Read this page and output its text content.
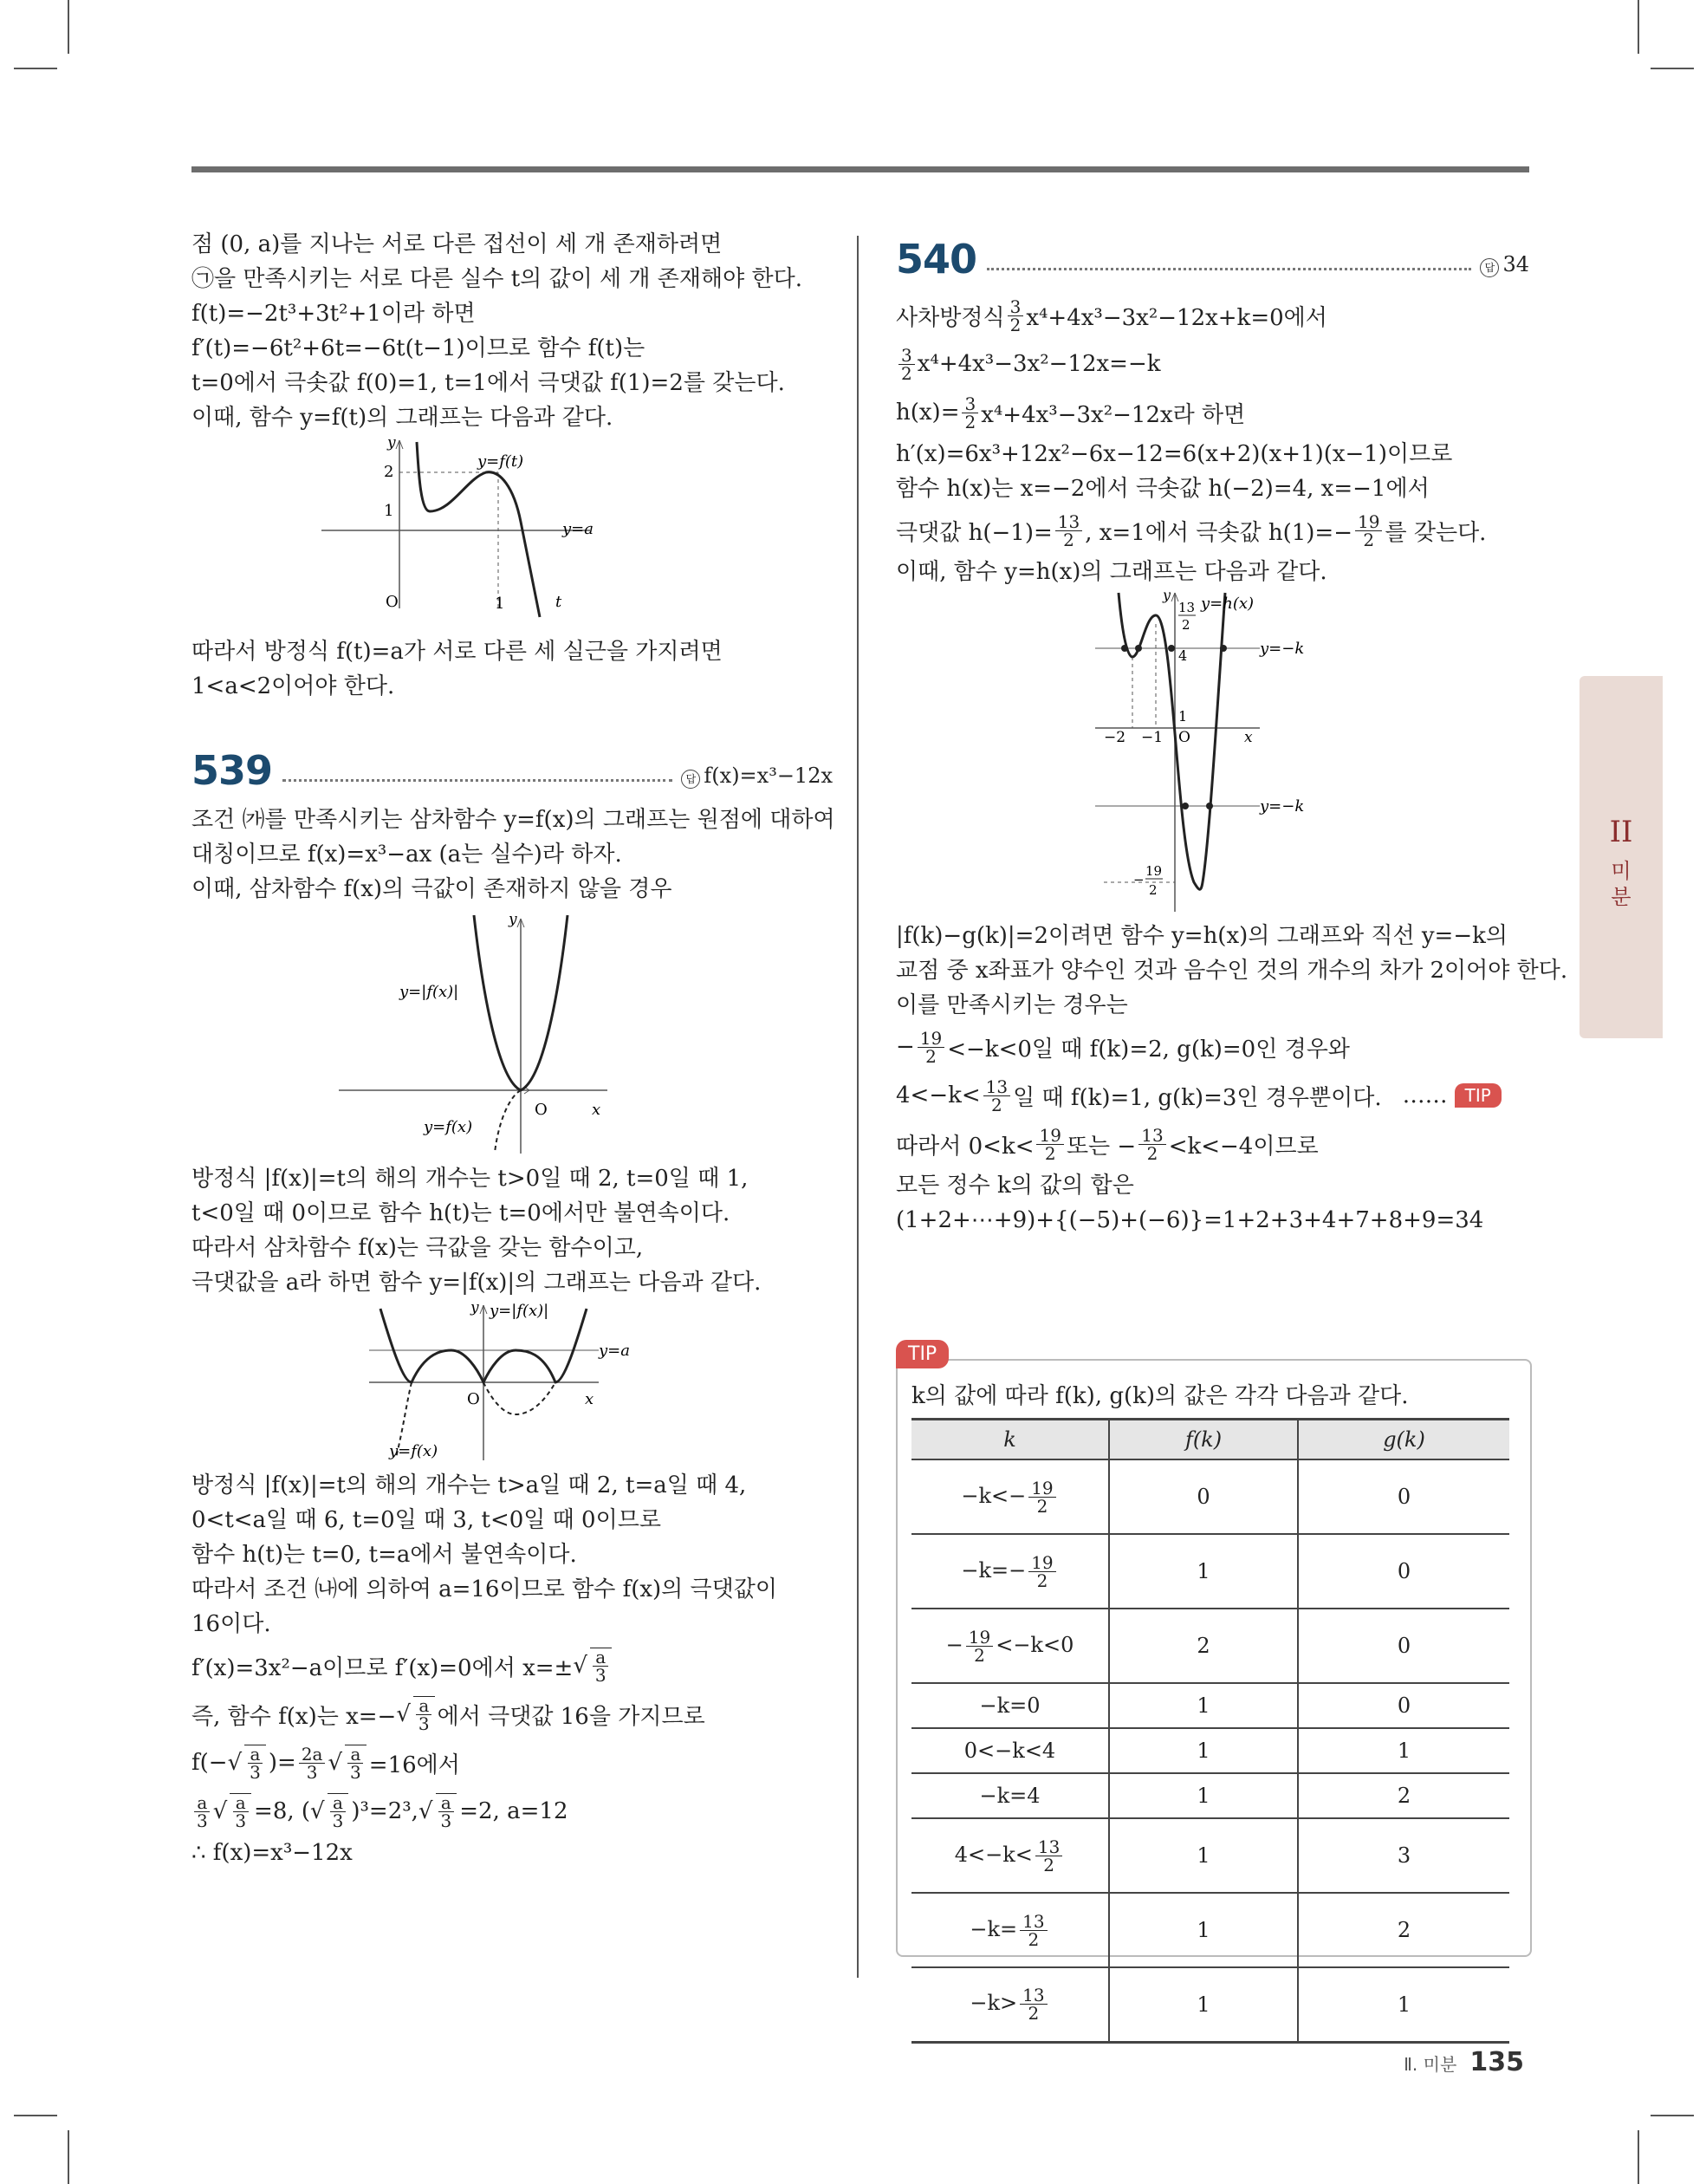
점 (0, a)를 지나는 서로 다른 접선이 세 개 존재하려면
㉠을 만족시키는 서로 다른 실수 t의 값이 세 개 존재해야 한다.
f(t)=−2t³+3t²+1이라 하면
f′(t)=−6t²+6t=−6t(t−1)이므로 함수 f(t)는
t=0에서 극솟값 f(0)=1, t=1에서 극댓값 f(1)=2를 갖는다.
이때, 함수 y=f(t)의 그래프는 다음과 같다.
2
1
O	1
y
t
y=f(t)
y=a
따라서 방정식 f(t)=a가 서로 다른 세 실근을 가지려면
1<a<2이어야 한다.
539	답 f(x)=x³−12x
조건 ㈎를 만족시키는 삼차함수 y=f(x)의 그래프는 원점에 대하여
대칭이므로 f(x)=x³−ax (a는 실수)라 하자.
이때, 삼차함수 f(x)의 극값이 존재하지 않을 경우
O	x
y
y=|f(x)|
y=f(x)
방정식 |f(x)|=t의 해의 개수는 t>0일 때 2, t=0일 때 1,
t<0일 때 0이므로 함수 h(t)는 t=0에서만 불연속이다.
따라서 삼차함수 f(x)는 극값을 갖는 함수이고,
극댓값을 a라 하면 함수 y=|f(x)|의 그래프는 다음과 같다.
O	x
y y=|f(x)|
y=a
y=f(x)
방정식 |f(x)|=t의 해의 개수는 t>a일 때 2, t=a일 때 4,
0<t<a일 때 6, t=0일 때 3, t<0일 때 0이므로
함수 h(t)는 t=0, t=a에서 불연속이다.
따라서 조건 ㈏에 의하여 a=16이므로 함수 f(x)의 극댓값이
16이다.
f′(x)=3x²−a이므로 f′(x)=0에서 x=± √ $\frac{a}{3}$
즉, 함수 f(x)는 x=− √ $\frac{a}{3}$ 에서 극댓값 16을 가지므로
f(− √ $\frac{a}{3}$ )= $\frac{2a}{3}$ √ $\frac{a}{3} =16$에서
$\frac{a}{3}$ √ $\frac{a}{3} =8$, ( √ $\frac{a}{3} )^3=2^3$, √ $\frac{a}{3} =2$, a=12
∴ f(x)=x³−12x
540	답 34
사차방정식 $\frac{3}{2} x^4+4x^3-3x^2-12x+k=0$에서
$\frac{3}{2} x^4+4x^3-3x^2-12x=-k$
$h(x)= \frac{3}{2} x^4+4x^3-3x^2-12x$라 하면
h′(x)=6x³+12x²−6x−12=6(x+2)(x+1)(x−1)이므로
함수 h(x)는 x=−2에서 극솟값 h(−2)=4, x=−1에서
극댓값 $h(-1)= \frac{13}{2}$ , x=1에서 극솟값 $h(1)=- \frac{19}{2}$ 를 갖는다.
이때, 함수 y=h(x)의 그래프는 다음과 같다.
y
x
O
−2 −1
1
4
13
2
19
2
−
y=h(x)
y=−k
y=−k
|f(k)−g(k)|=2이려면 함수 y=h(x)의 그래프와 직선 y=−k의
교점 중 x좌표가 양수인 것과 음수인 것의 개수의 차가 2이어야 한다.
이를 만족시키는 경우는
− $\frac{19}{2} <-k<0$일 때 f(k)=2, g(k)=0인 경우와
$4<-k< \frac{13}{2}$ 일 때 f(k)=1, g(k)=3인 경우뿐이다. ……	TIP
따라서 $0<k< \frac{19}{2}$ 또는 − $\frac{13}{2} <k<-4$이므로
모든 정수 k의 값의 합은
(1+2+⋯+9)+{(−5)+(−6)}=1+2+3+4+7+8+9=34
TIP
k의 값에 따라 f(k), g(k)의 값은 각각 다음과 같다.
k	f(k)	g(k)
$-k<- \frac{19}{2}$	0	0
$-k=- \frac{19}{2}$	1	0
− $\frac{19}{2} <-k<0$	2	0
−k=0	1	0
0<−k<4	1	1
−k=4	1	2
$4<-k< \frac{13}{2}$	1	3
$-k= \frac{13}{2}$	1	2
$-k> \frac{13}{2}$	1	1
II
미
분
Ⅱ. 미분 135
